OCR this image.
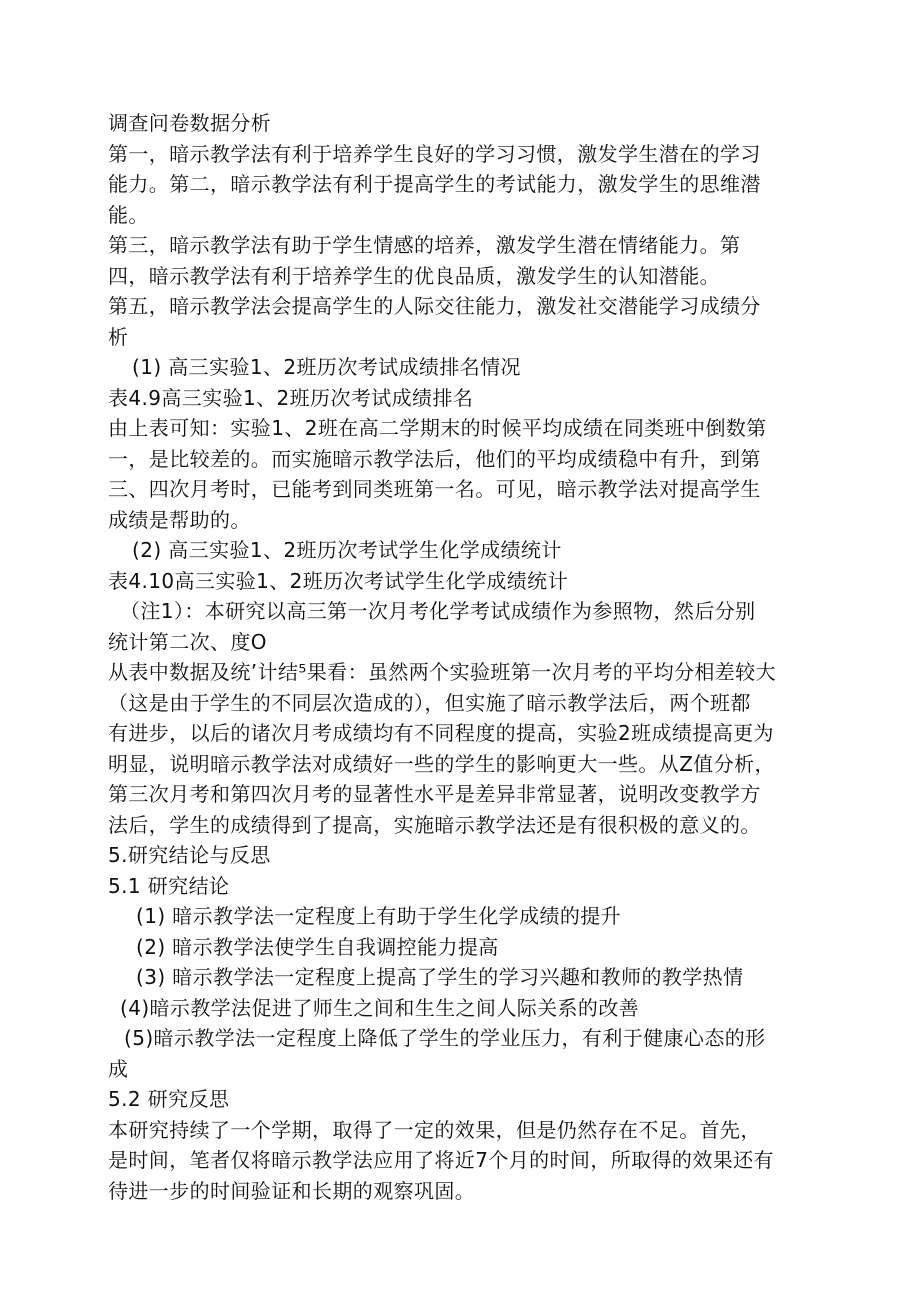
调查问卷数据分析
第一，暗示教学法有利于培养学生良好的学习习惯，激发学生潜在的学习
能力。第二，暗示教学法有利于提高学生的考试能力，激发学生的思维潜
能。
第三，暗示教学法有助于学生情感的培养，激发学生潜在情绪能力。第
四，暗示教学法有利于培养学生的优良品质，激发学生的认知潜能。
第五，暗示教学法会提高学生的人际交往能力，激发社交潜能学习成绩分
析
(1) 高三实验1、2班历次考试成绩排名情况
表4.9高三实验1、2班历次考试成绩排名
由上表可知：实验1、2班在高二学期末的时候平均成绩在同类班中倒数第
一，是比较差的。而实施暗示教学法后，他们的平均成绩稳中有升，到第
三、四次月考时，已能考到同类班第一名。可见，暗示教学法对提高学生
成绩是帮助的。
(2) 高三实验1、2班历次考试学生化学成绩统计
表4.10高三实验1、2班历次考试学生化学成绩统计
（注1）：本研究以高三第一次月考化学考试成绩作为参照物，然后分别
统计第二次、度O
从表中数据及统’计结⁵果看：虽然两个实验班第一次月考的平均分相差较大
（这是由于学生的不同层次造成的），但实施了暗示教学法后，两个班都
有进步，以后的诸次月考成绩均有不同程度的提高，实验2班成绩提高更为
明显，说明暗示教学法对成绩好一些的学生的影响更大一些。从Z值分析，
第三次月考和第四次月考的显著性水平是差异非常显著，说明改变教学方
法后，学生的成绩得到了提高，实施暗示教学法还是有很积极的意义的。
5.研究结论与反思
5.1 研究结论
(1) 暗示教学法一定程度上有助于学生化学成绩的提升
(2) 暗示教学法使学生自我调控能力提高
(3) 暗示教学法一定程度上提高了学生的学习兴趣和教师的教学热情
(4)暗示教学法促进了师生之间和生生之间人际关系的改善
(5)暗示教学法一定程度上降低了学生的学业压力，有利于健康心态的形
成
5.2 研究反思
本研究持续了一个学期，取得了一定的效果，但是仍然存在不足。首先，
是时间，笔者仅将暗示教学法应用了将近7个月的时间，所取得的效果还有
待进一步的时间验证和长期的观察巩固。
